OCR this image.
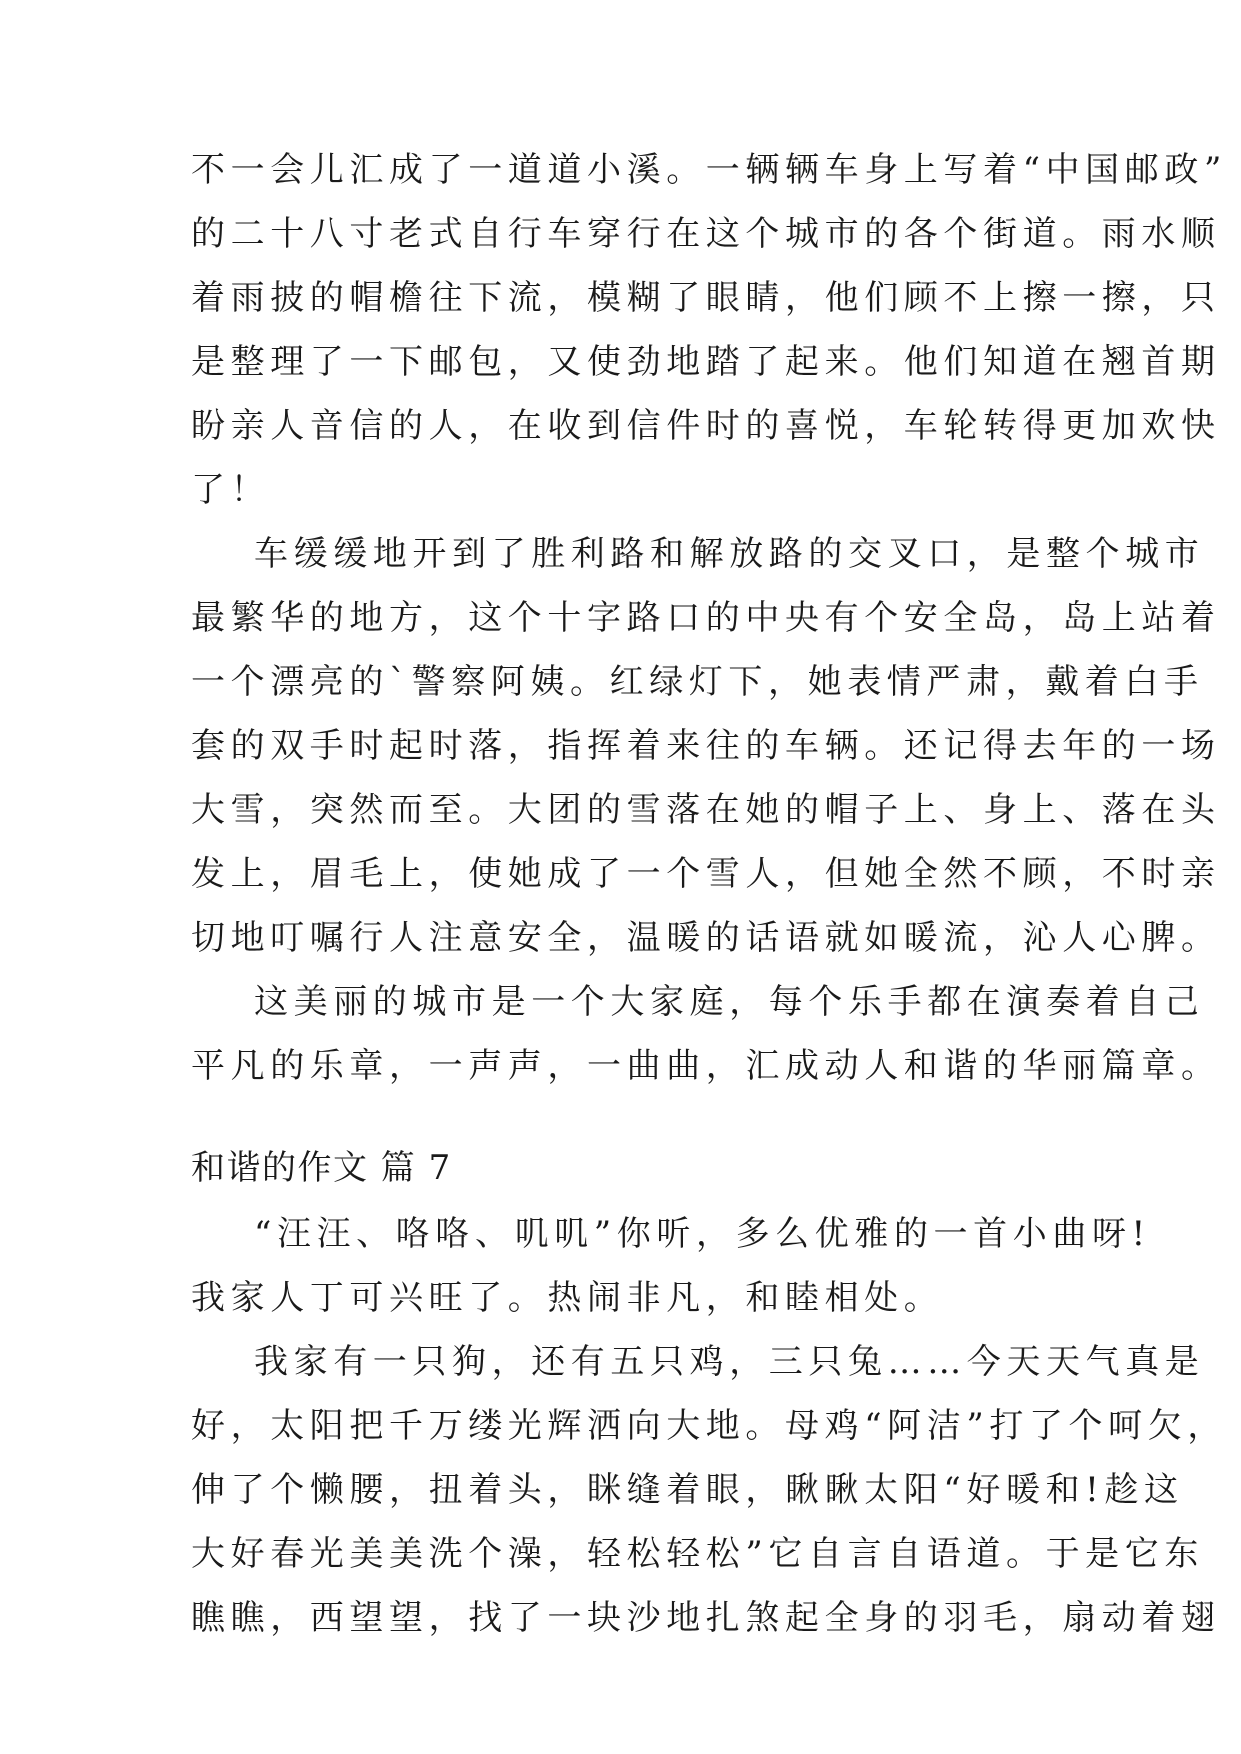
不一会儿汇成了一道道小溪。一辆辆车身上写着“中国邮政”
的二十八寸老式自行车穿行在这个城市的各个街道。雨水顺
着雨披的帽檐往下流，模糊了眼睛，他们顾不上擦一擦，只
是整理了一下邮包，又使劲地踏了起来。他们知道在翘首期
盼亲人音信的人，在收到信件时的喜悦，车轮转得更加欢快
了！
车缓缓地开到了胜利路和解放路的交叉口，是整个城市
最繁华的地方，这个十字路口的中央有个安全岛，岛上站着
一个漂亮的`警察阿姨。红绿灯下，她表情严肃，戴着白手
套的双手时起时落，指挥着来往的车辆。还记得去年的一场
大雪，突然而至。大团的雪落在她的帽子上、身上、落在头
发上，眉毛上，使她成了一个雪人，但她全然不顾，不时亲
切地叮嘱行人注意安全，温暖的话语就如暖流，沁人心脾。
这美丽的城市是一个大家庭，每个乐手都在演奏着自己
平凡的乐章，一声声，一曲曲，汇成动人和谐的华丽篇章。
和谐的作文 篇 7
“汪汪、咯咯、叽叽”你听，多么优雅的一首小曲呀!
我家人丁可兴旺了。热闹非凡，和睦相处。
我家有一只狗，还有五只鸡，三只兔……今天天气真是
好，太阳把千万缕光辉洒向大地。母鸡“阿洁”打了个呵欠，
伸了个懒腰，扭着头，眯缝着眼，瞅瞅太阳“好暖和!趁这
大好春光美美洗个澡，轻松轻松”它自言自语道。于是它东
瞧瞧，西望望，找了一块沙地扎煞起全身的羽毛，扇动着翅
